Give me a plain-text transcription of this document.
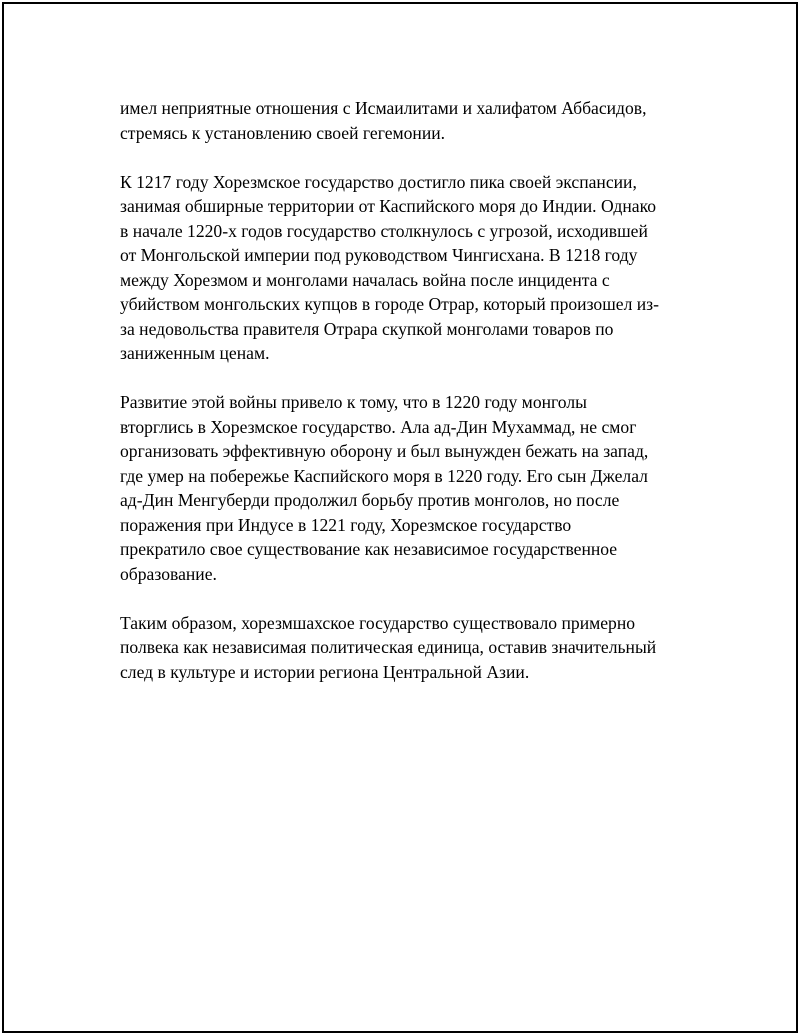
имел неприятные отношения с Исмаилитами и халифатом Аббасидов,
стремясь к установлению своей гегемонии.

К 1217 году Хорезмское государство достигло пика своей экспансии,
занимая обширные территории от Каспийского моря до Индии. Однако
в начале 1220-х годов государство столкнулось с угрозой, исходившей
от Монгольской империи под руководством Чингисхана. В 1218 году
между Хорезмом и монголами началась война после инцидента с
убийством монгольских купцов в городе Отрар, который произошел из-
за недовольства правителя Отрара скупкой монголами товаров по
заниженным ценам.

Развитие этой войны привело к тому, что в 1220 году монголы
вторглись в Хорезмское государство. Ала ад-Дин Мухаммад, не смог
организовать эффективную оборону и был вынужден бежать на запад,
где умер на побережье Каспийского моря в 1220 году. Его сын Джелал
ад-Дин Менгуберди продолжил борьбу против монголов, но после
поражения при Индусе в 1221 году, Хорезмское государство
прекратило свое существование как независимое государственное
образование.

Таким образом, хорезмшахское государство существовало примерно
полвека как независимая политическая единица, оставив значительный
след в культуре и истории региона Центральной Азии.
